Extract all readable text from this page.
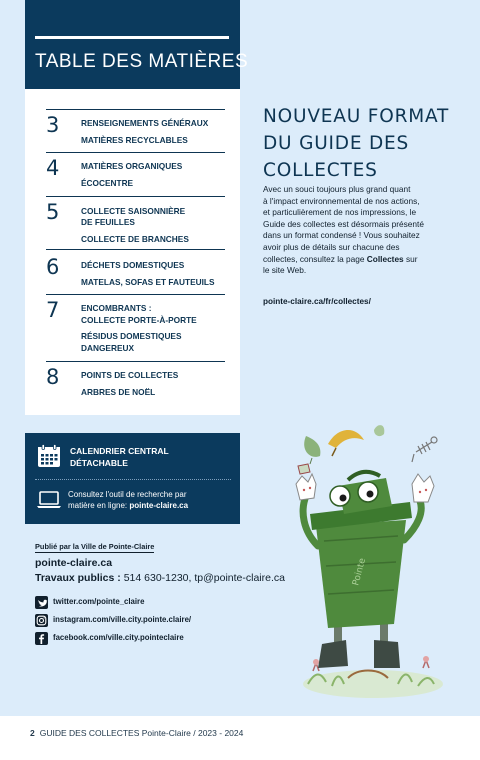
TABLE DES MATIÈRES
3	RENSEIGNEMENTS GÉNÉRAUX
MATIÈRES RECYCLABLES
4	MATIÈRES ORGANIQUES
ÉCOCENTRE
5	COLLECTE SAISONNIÈRE
DE FEUILLES
COLLECTE DE BRANCHES
6	DÉCHETS DOMESTIQUES
MATELAS, SOFAS ET FAUTEUILS
7	ENCOMBRANTS :
COLLECTE PORTE-À-PORTE
RÉSIDUS DOMESTIQUES
DANGEREUX
8	POINTS DE COLLECTES
ARBRES DE NOËL
CALENDRIER CENTRAL
DÉTACHABLE
Consultez l'outil de recherche par
matière en ligne: pointe-claire.ca
Publié par la Ville de Pointe-Claire
pointe-claire.ca
Travaux publics : 514 630-1230, tp@pointe-claire.ca
twitter.com/pointe_claire
instagram.com/ville.city.pointe.claire/
facebook.com/ville.city.pointeclaire
NOUVEAU FORMAT
DU GUIDE DES
COLLECTES
Avec un souci toujours plus grand quant
à l'impact environnemental de nos actions,
et particulièrement de nos impressions, le
Guide des collectes est désormais présenté
dans un format condensé ! Vous souhaitez
avoir plus de détails sur chacune des
collectes, consultez la page Collectes sur
le site Web.
pointe-claire.ca/fr/collectes/
Pointe
2 GUIDE DES COLLECTES Pointe-Claire / 2023 - 2024
